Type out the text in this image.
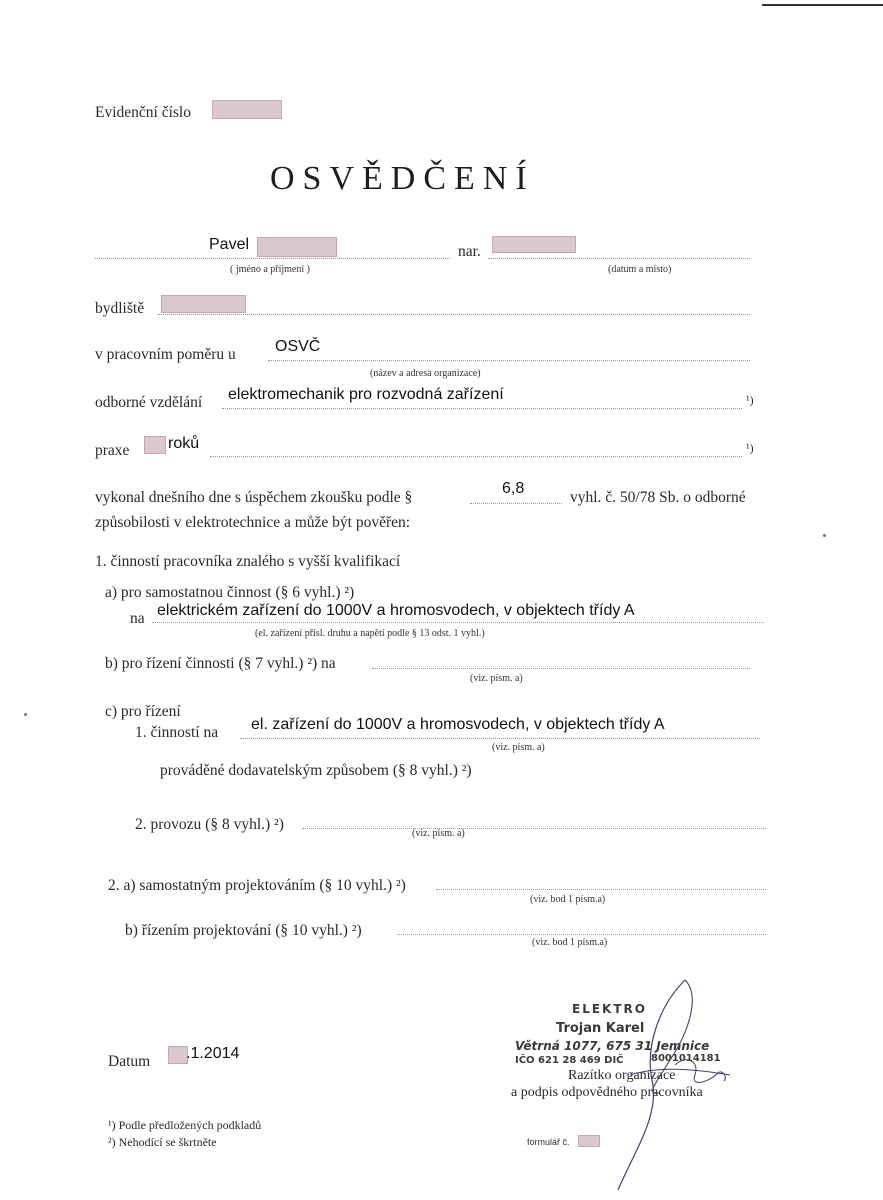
Evidenční číslo
OSVĚDČENÍ
Pavel
( jméno a příjmení )
nar.
(datum a místo)
bydliště
v pracovním poměru u OSVČ
(název a adresa organizace)
odborné vzdělání elektromechanik pro rozvodná zařízení	¹)
praxe roků	¹)
vykonal dnešního dne s úspěchem zkoušku podle §
6,8
vyhl. č. 50/78 Sb. o odborné
způsobilosti v elektrotechnice a může být pověřen:
1. činností pracovníka znalého s vyšší kvalifikací
a) pro samostatnou činnost (§ 6 vyhl.) ²)
na elektrickém zařízení do 1000V a hromosvodech, v objektech třídy A
(el. zařízení přísl. druhu a napětí podle § 13 odst. 1 vyhl.)
b) pro řízení činnosti (§ 7 vyhl.) ²) na
(viz. písm. a)
c) pro řízení
1. činností na el. zařízení do 1000V a hromosvodech, v objektech třídy A
(viz. písm. a)
prováděné dodavatelským způsobem (§ 8 vyhl.) ²)
2. provozu (§ 8 vyhl.) ²)
(viz. písm. a)
2. a) samostatným projektováním (§ 10 vyhl.) ²)
(viz. bod 1 písm.a)
b) řízením projektování (§ 10 vyhl.) ²)
(viz. bod 1 písm.a)
Datum .1.2014
ELEKTRO
Trojan Karel
Větrná 1077, 675 31 Jemnice
IČO 621 28 469 DIČ	8001014181
Razítko organizace
a podpis odpovědného pracovníka
¹) Podle předložených podkladů
²) Nehodící se škrtněte	formulář č.
